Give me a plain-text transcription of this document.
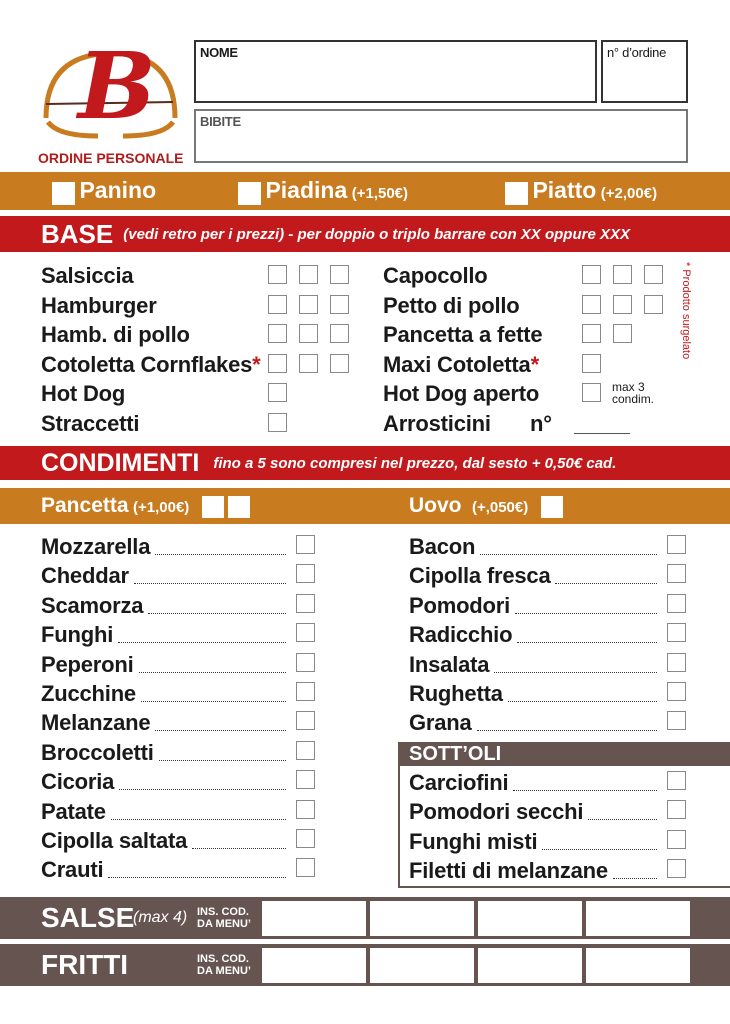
B
ORDINE PERSONALE
NOME	n° d’ordine
BIBITE
Panino	Piadina (+1,50€)	Piatto (+2,00€)
BASE (vedi retro per i prezzi) - per doppio o triplo barrare con XX oppure XXX
Salsiccia
Hamburger
Hamb. di pollo
Cotoletta Cornflakes*
Hot Dog
Straccetti
Capocollo
Petto di pollo
Pancetta a fette
Maxi Cotoletta*
Hot Dog aperto	max 3 condim.
Arrosticini n°
* Prodotto surgelato
CONDIMENTI fino a 5 sono compresi nel prezzo, dal sesto + 0,50€ cad.
Pancetta (+1,00€)	Uovo (+,050€)
Mozzarella
Cheddar
Scamorza
Funghi
Peperoni
Zucchine
Melanzane
Broccoletti
Cicoria
Patate
Cipolla saltata
Crauti
Bacon
Cipolla fresca
Pomodori
Radicchio
Insalata
Rughetta
Grana
Carciofini
Pomodori secchi
Funghi misti
Filetti di melanzane
SOTT’OLI
SALSE
(max 4) INS. COD.
DA MENU’
FRITTI	INS. COD.
DA MENU’
